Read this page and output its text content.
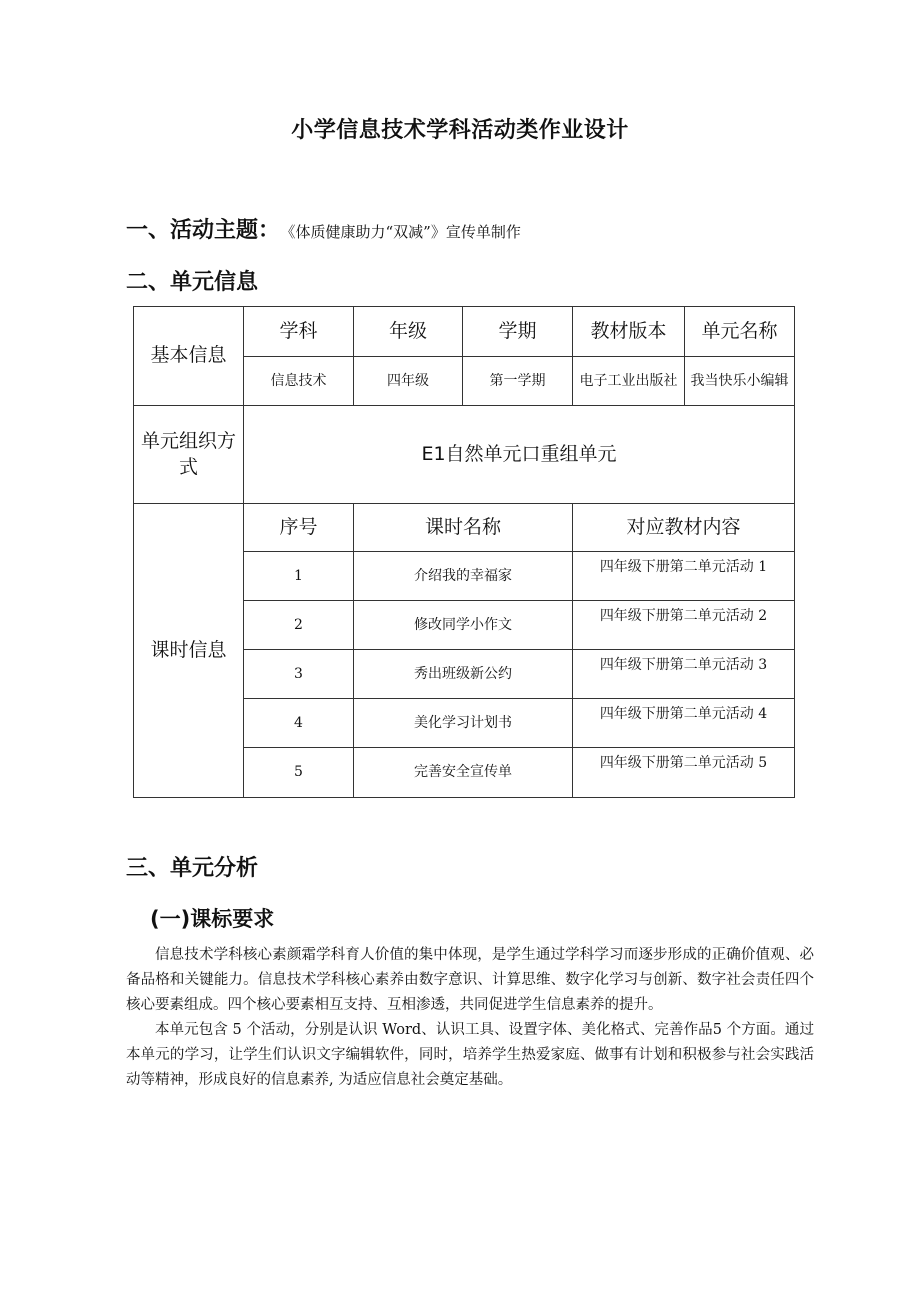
小学信息技术学科活动类作业设计
一、活动主题： 《体质健康助力“双减”》宣传单制作
二、单元信息
基本信息	学科	年级	学期	教材版本	单元名称
	信息技术	四年级	第一学期	电子工业出版社	我当快乐小编辑
单元组织方式	E1自然单元口重组单元				
课时信息	序号	课时名称		对应教材内容	
	1	介绍我的幸福家		四年级下册第二单元活动 1	
	2	修改同学小作文		四年级下册第二单元活动 2	
	3	秀出班级新公约		四年级下册第二单元活动 3	
	4	美化学习计划书		四年级下册第二单元活动 4	
	5	完善安全宣传单		四年级下册第二单元活动 5	
三、单元分析
(一)课标要求

信息技术学科核心素颜霜学科育人价值的集中体现，是学生通过学科学习而逐步形成的正确价值观、必备品格和关键能力。信息技术学科核心素养由数字意识、计算思维、数字化学习与创新、数字社会责任四个核心要素组成。四个核心要素相互支持、互相渗透，共同促进学生信息素养的提升。

本单元包含 5 个活动，分别是认识 Word、认识工具、设置字体、美化格式、完善作品5 个方面。通过本单元的学习，让学生们认识文字编辑软件，同时，培养学生热爱家庭、做事有计划和积极参与社会实践活动等精神，形成良好的信息素养, 为适应信息社会奠定基础。
